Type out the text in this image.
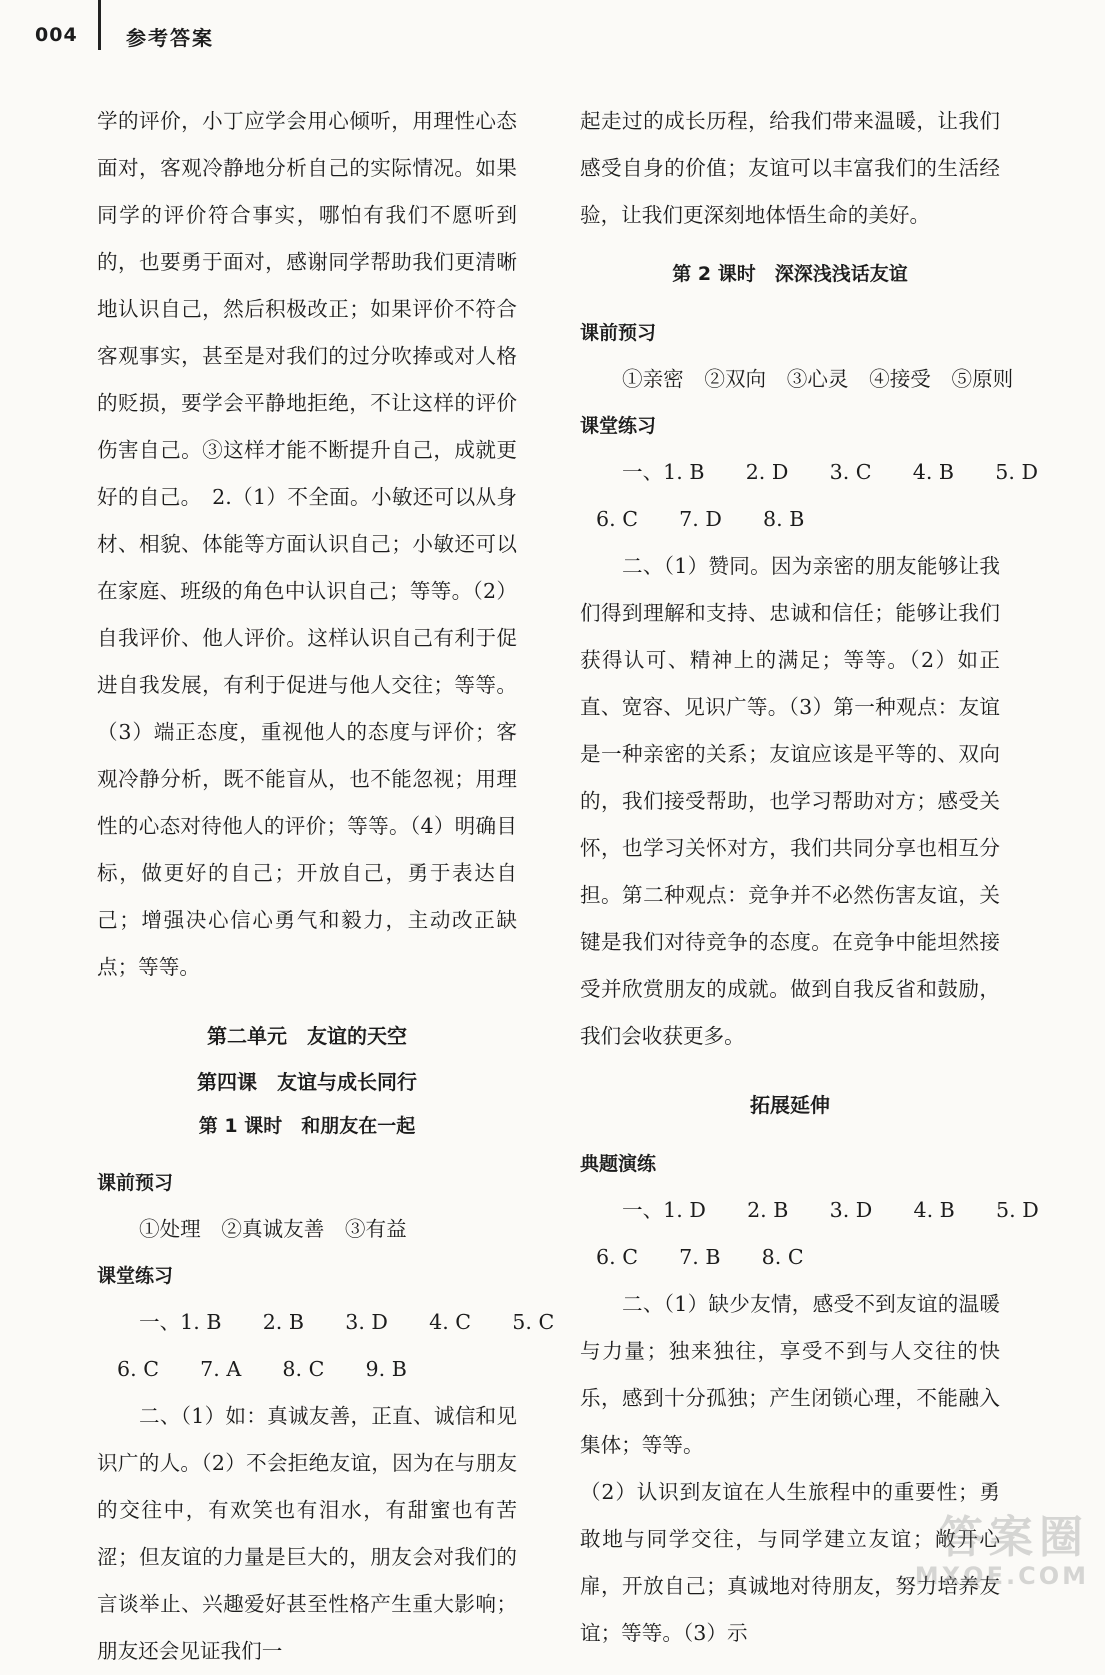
004 参考答案

学的评价，小丁应学会用心倾听，用理性心态面对，客观冷静地分析自己的实际情况。如果同学的评价符合事实，哪怕有我们不愿听到的，也要勇于面对，感谢同学帮助我们更清晰地认识自己，然后积极改正；如果评价不符合客观事实，甚至是对我们的过分吹捧或对人格的贬损，要学会平静地拒绝，不让这样的评价伤害自己。③这样才能不断提升自己，成就更好的自己。　2.（1）不全面。小敏还可以从身材、相貌、体能等方面认识自己；小敏还可以在家庭、班级的角色中认识自己；等等。（2）自我评价、他人评价。这样认识自己有利于促进自我发展，有利于促进与他人交往；等等。（3）端正态度，重视他人的态度与评价；客观冷静分析，既不能盲从，也不能忽视；用理性的心态对待他人的评价；等等。（4）明确目标，做更好的自己；开放自己，勇于表达自己；增强决心信心勇气和毅力，主动改正缺点；等等。

第二单元　友谊的天空

第四课　友谊与成长同行

第 1 课时　和朋友在一起

课前预习

①处理　②真诚友善　③有益

课堂练习

一、1. B　　2. B　　3. D　　4. C　　5. C

6. C　　7. A　　8. C　　9. B

二、（1）如：真诚友善，正直、诚信和见识广的人。（2）不会拒绝友谊，因为在与朋友的交往中，有欢笑也有泪水，有甜蜜也有苦涩；但友谊的力量是巨大的，朋友会对我们的言谈举止、兴趣爱好甚至性格产生重大影响；朋友还会见证我们一

起走过的成长历程，给我们带来温暖，让我们感受自身的价值；友谊可以丰富我们的生活经验，让我们更深刻地体悟生命的美好。

第 2 课时　深深浅浅话友谊

课前预习

①亲密　②双向　③心灵　④接受　⑤原则

课堂练习

一、1. B　　2. D　　3. C　　4. B　　5. D

6. C　　7. D　　8. B

二、（1）赞同。因为亲密的朋友能够让我们得到理解和支持、忠诚和信任；能够让我们获得认可、精神上的满足；等等。（2）如正直、宽容、见识广等。（3）第一种观点：友谊是一种亲密的关系；友谊应该是平等的、双向的，我们接受帮助，也学习帮助对方；感受关怀，也学习关怀对方，我们共同分享也相互分担。第二种观点：竞争并不必然伤害友谊，关键是我们对待竞争的态度。在竞争中能坦然接受并欣赏朋友的成就。做到自我反省和鼓励，我们会收获更多。

拓展延伸

典题演练

一、1. D　　2. B　　3. D　　4. B　　5. D

6. C　　7. B　　8. C

二、（1）缺少友情，感受不到友谊的温暖与力量；独来独往，享受不到与人交往的快乐，感到十分孤独；产生闭锁心理，不能融入集体；等等。

（2）认识到友谊在人生旅程中的重要性；勇敢地与同学交往，与同学建立友谊；敞开心扉，开放自己；真诚地对待朋友，努力培养友谊；等等。（3）示

答案圈
MXQE.COM
